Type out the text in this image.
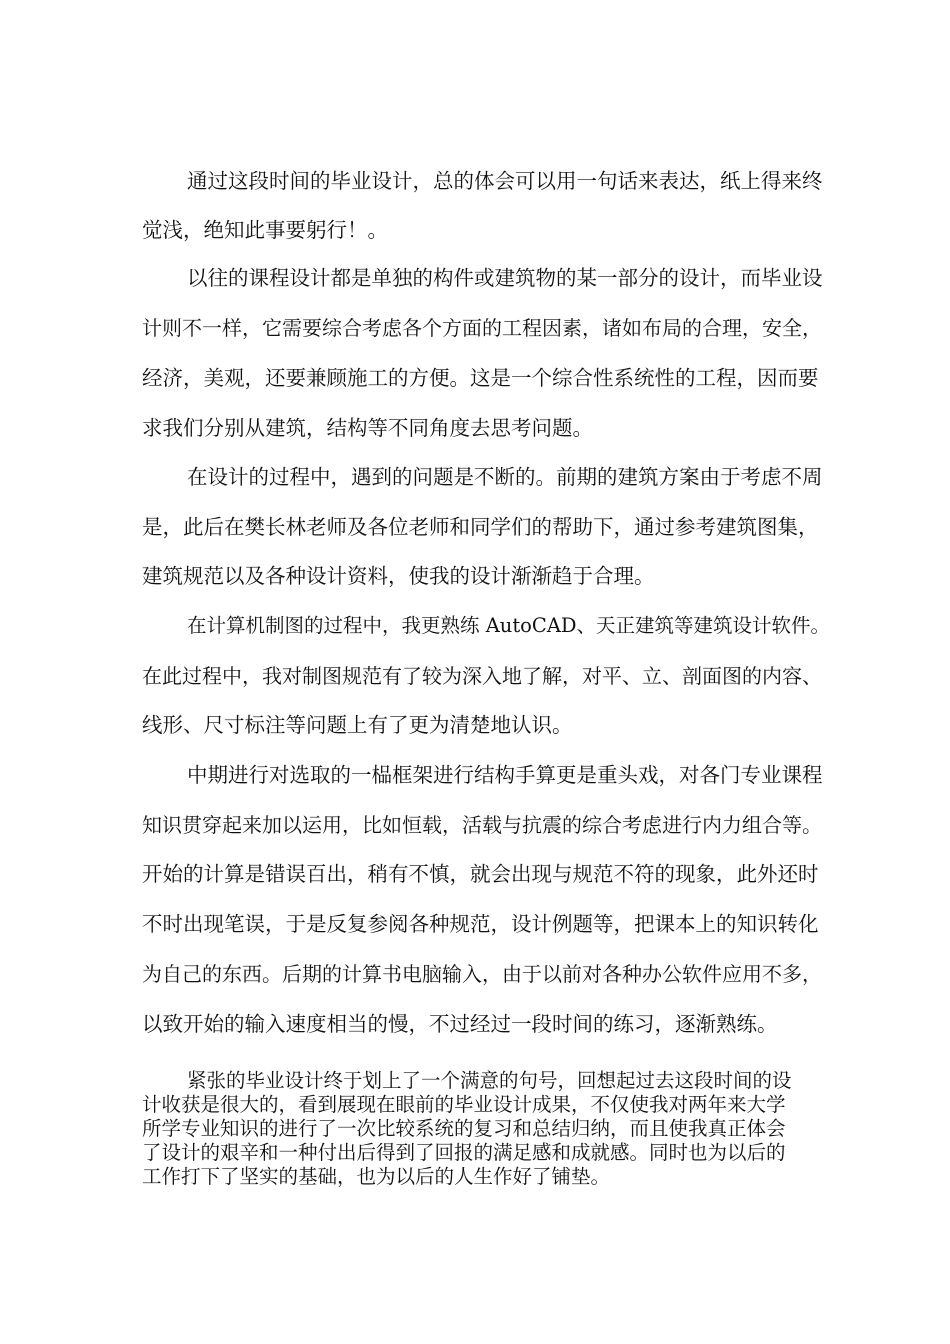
通过这段时间的毕业设计，总的体会可以用一句话来表达，纸上得来终

觉浅，绝知此事要躬行！。

以往的课程设计都是单独的构件或建筑物的某一部分的设计，而毕业设

计则不一样，它需要综合考虑各个方面的工程因素，诸如布局的合理，安全，

经济，美观，还要兼顾施工的方便。这是一个综合性系统性的工程，因而要

求我们分别从建筑，结构等不同角度去思考问题。

在设计的过程中，遇到的问题是不断的。前期的建筑方案由于考虑不周

是，此后在樊长林老师及各位老师和同学们的帮助下，通过参考建筑图集，

建筑规范以及各种设计资料，使我的设计渐渐趋于合理。

在计算机制图的过程中，我更熟练 AutoCAD、天正建筑等建筑设计软件。

在此过程中，我对制图规范有了较为深入地了解，对平、立、剖面图的内容、

线形、尺寸标注等问题上有了更为清楚地认识。

中期进行对选取的一榀框架进行结构手算更是重头戏，对各门专业课程

知识贯穿起来加以运用，比如恒载，活载与抗震的综合考虑进行内力组合等。

开始的计算是错误百出，稍有不慎，就会出现与规范不符的现象，此外还时

不时出现笔误，于是反复参阅各种规范，设计例题等，把课本上的知识转化

为自己的东西。后期的计算书电脑输入，由于以前对各种办公软件应用不多，

以致开始的输入速度相当的慢，不过经过一段时间的练习，逐渐熟练。

紧张的毕业设计终于划上了一个满意的句号，回想起过去这段时间的设

计收获是很大的，看到展现在眼前的毕业设计成果，不仅使我对两年来大学

所学专业知识的进行了一次比较系统的复习和总结归纳，而且使我真正体会

了设计的艰辛和一种付出后得到了回报的满足感和成就感。同时也为以后的

工作打下了坚实的基础，也为以后的人生作好了铺垫。
